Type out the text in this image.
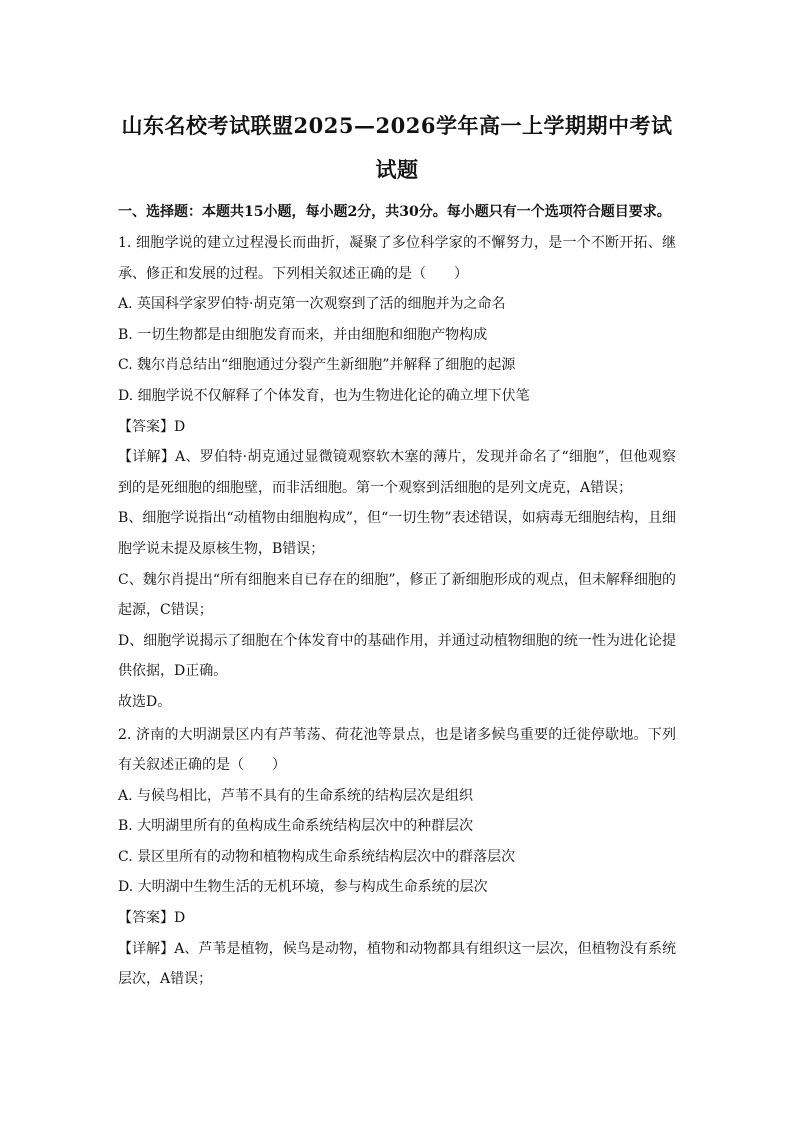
山东名校考试联盟2025—2026学年高一上学期期中考试试题
一、选择题：本题共15小题，每小题2分，共30分。每小题只有一个选项符合题目要求。

1. 细胞学说的建立过程漫长而曲折，凝聚了多位科学家的不懈努力，是一个不断开拓、继承、修正和发展的过程。下列相关叙述正确的是（　　）

A. 英国科学家罗伯特·胡克第一次观察到了活的细胞并为之命名
B. 一切生物都是由细胞发育而来，并由细胞和细胞产物构成
C. 魏尔肖总结出“细胞通过分裂产生新细胞”并解释了细胞的起源
D. 细胞学说不仅解释了个体发育，也为生物进化论的确立埋下伏笔
【答案】D

【详解】A、罗伯特·胡克通过显微镜观察软木塞的薄片，发现并命名了“细胞”，但他观察到的是死细胞的细胞壁，而非活细胞。第一个观察到活细胞的是列文虎克，A错误；

B、细胞学说指出“动植物由细胞构成”，但“一切生物”表述错误，如病毒无细胞结构，且细胞学说未提及原核生物，B错误；

C、魏尔肖提出“所有细胞来自已存在的细胞”，修正了新细胞形成的观点，但未解释细胞的起源，C错误；

D、细胞学说揭示了细胞在个体发育中的基础作用，并通过动植物细胞的统一性为进化论提供依据，D正确。

故选D。

2. 济南的大明湖景区内有芦苇荡、荷花池等景点，也是诸多候鸟重要的迁徙停歇地。下列有关叙述正确的是（　　）

A. 与候鸟相比，芦苇不具有的生命系统的结构层次是组织
B. 大明湖里所有的鱼构成生命系统结构层次中的种群层次
C. 景区里所有的动物和植物构成生命系统结构层次中的群落层次
D. 大明湖中生物生活的无机环境，参与构成生命系统的层次
【答案】D

【详解】A、芦苇是植物，候鸟是动物，植物和动物都具有组织这一层次，但植物没有系统层次，A错误；
